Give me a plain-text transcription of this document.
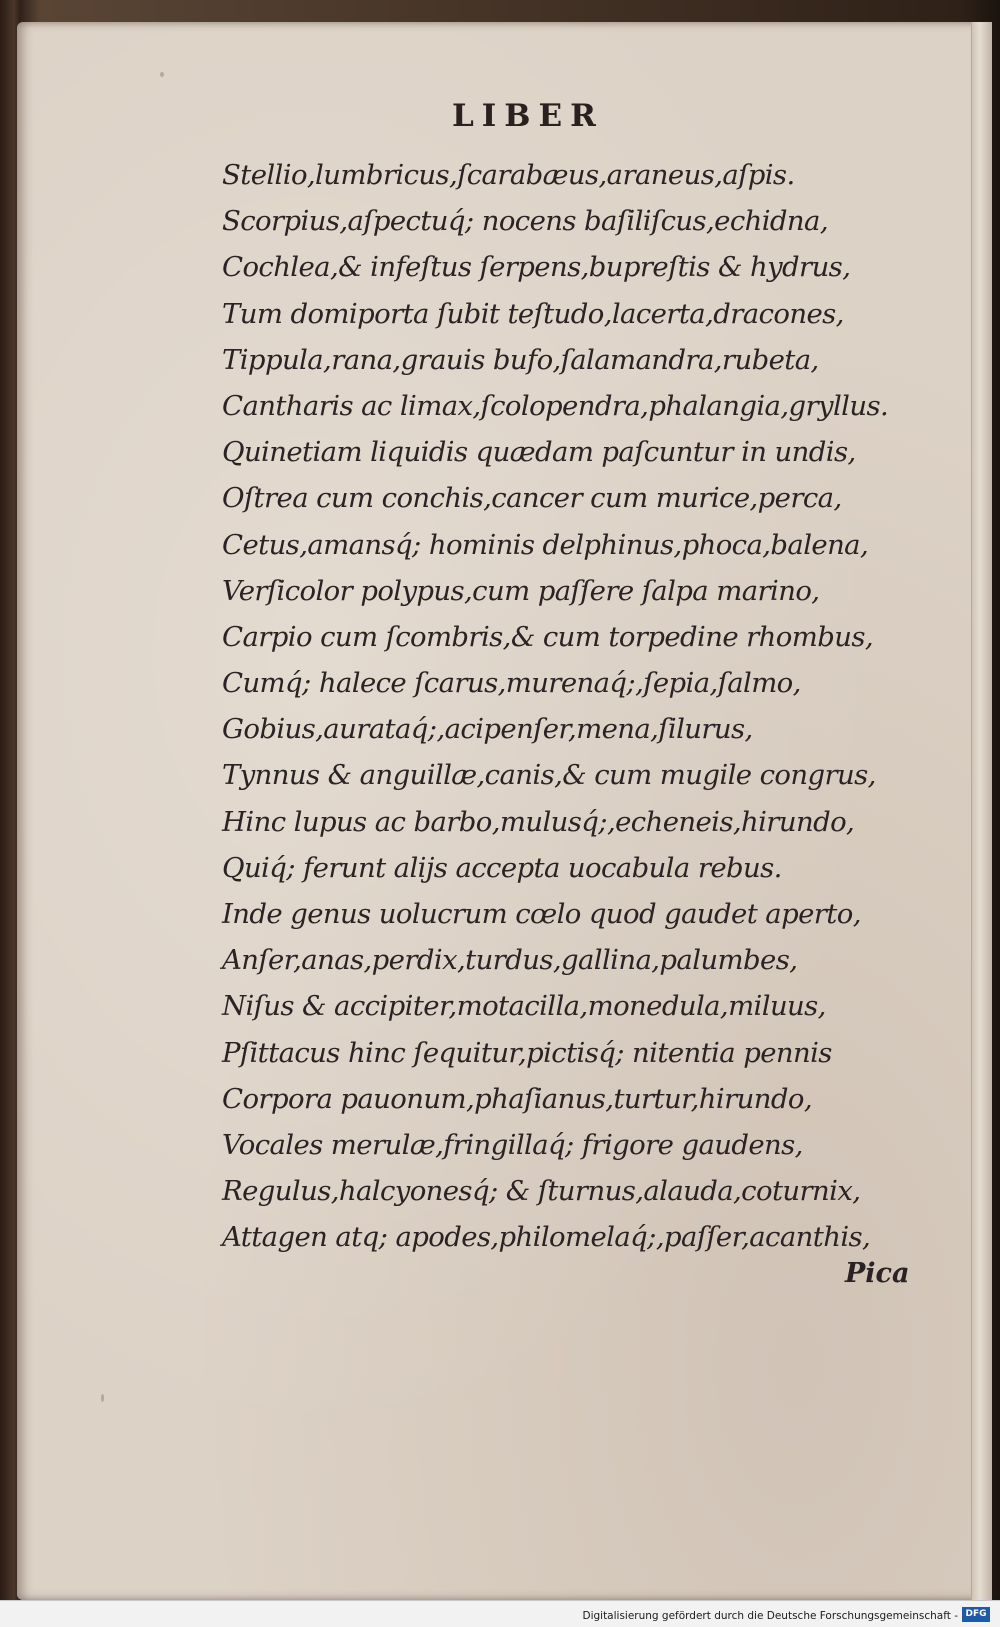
LIBER
Stellio,lumbricus,ſcarabæus,araneus,aſpis.
Scorpius,aſpectuq́; nocens baſiliſcus,echidna,
Cochlea,& infeſtus ſerpens,bupreſtis & hydrus,
Tum domiporta ſubit teſtudo,lacerta,dracones,
Tippula,rana,grauis bufo,ſalamandra,rubeta,
Cantharis ac limax,ſcolopendra,phalangia,gryllus.
Quinetiam liquidis quædam paſcuntur in undis,
Oſtrea cum conchis,cancer cum murice,perca,
Cetus,amansq́; hominis delphinus,phoca,balena,
Verſicolor polypus,cum paſſere ſalpa marino,
Carpio cum ſcombris,& cum torpedine rhombus,
Cumq́; halece ſcarus,murenaq́;,ſepia,ſalmo,
Gobius,aurataq́;,acipenſer,mena,ſilurus,
Tynnus & anguillæ,canis,& cum mugile congrus,
Hinc lupus ac barbo,mulusq́;,echeneis,hirundo,
Quiq́; ferunt alijs accepta uocabula rebus.
Inde genus uolucrum cœlo quod gaudet aperto,
Anſer,anas,perdix,turdus,gallina,palumbes,
Niſus & accipiter,motacilla,monedula,miluus,
Pſittacus hinc ſequitur,pictisq́; nitentia pennis
Corpora pauonum,phaſianus,turtur,hirundo,
Vocales merulæ,fringillaq́; frigore gaudens,
Regulus,halcyonesq́; & ſturnus,alauda,coturnix,
Attagen atq; apodes,philomelaq́;,paſſer,acanthis,
Pica
Digitalisierung gefördert durch die Deutsche Forschungsgemeinschaft - DFG
